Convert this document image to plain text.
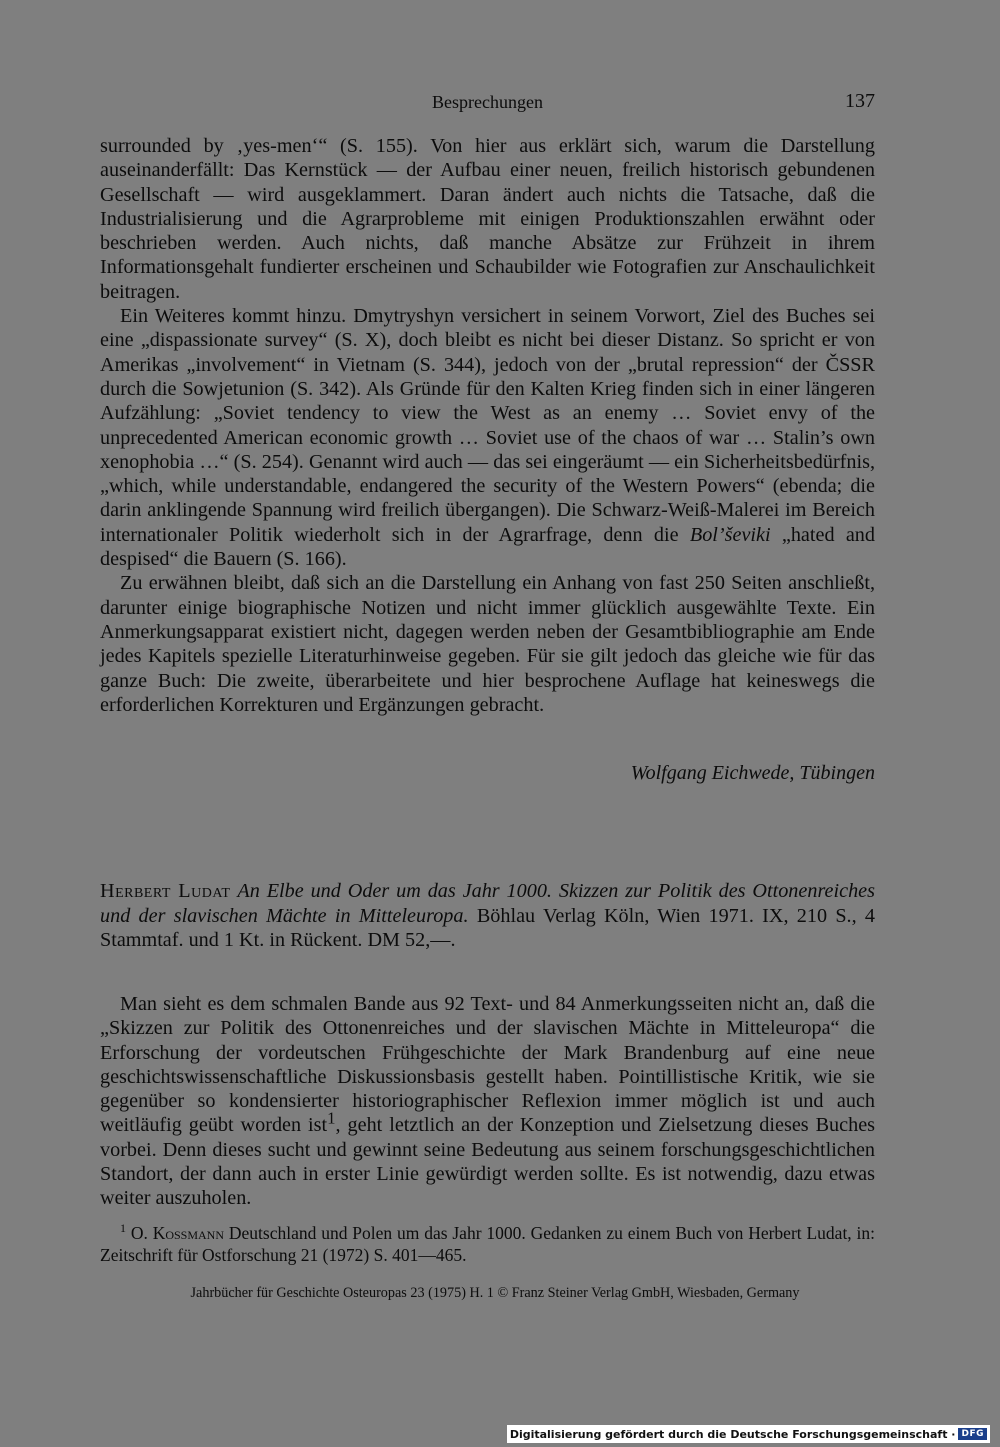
Besprechungen	137

surrounded by ‚yes-men‘“ (S. 155). Von hier aus erklärt sich, warum die Darstellung auseinanderfällt: Das Kernstück — der Aufbau einer neuen, freilich historisch gebundenen Gesellschaft — wird ausgeklammert. Daran ändert auch nichts die Tatsache, daß die Industrialisierung und die Agrarprobleme mit einigen Produktionszahlen erwähnt oder beschrieben werden. Auch nichts, daß manche Absätze zur Frühzeit in ihrem Informationsgehalt fundierter erscheinen und Schaubilder wie Fotografien zur Anschaulichkeit beitragen.

Ein Weiteres kommt hinzu. Dmytryshyn versichert in seinem Vorwort, Ziel des Buches sei eine „dispassionate survey“ (S. X), doch bleibt es nicht bei dieser Distanz. So spricht er von Amerikas „involvement“ in Vietnam (S. 344), jedoch von der „brutal repression“ der ČSSR durch die Sowjetunion (S. 342). Als Gründe für den Kalten Krieg finden sich in einer längeren Aufzählung: „Soviet tendency to view the West as an enemy … Soviet envy of the unprecedented American economic growth … Soviet use of the chaos of war … Stalin’s own xenophobia …“ (S. 254). Genannt wird auch — das sei eingeräumt — ein Sicherheitsbedürfnis, „which, while understandable, endangered the security of the Western Powers“ (ebenda; die darin anklingende Spannung wird freilich übergangen). Die Schwarz-Weiß-Malerei im Bereich internationaler Politik wiederholt sich in der Agrarfrage, denn die Bol’ševiki „hated and despised“ die Bauern (S. 166).

Zu erwähnen bleibt, daß sich an die Darstellung ein Anhang von fast 250 Seiten anschließt, darunter einige biographische Notizen und nicht immer glücklich ausgewählte Texte. Ein Anmerkungsapparat existiert nicht, dagegen werden neben der Gesamtbibliographie am Ende jedes Kapitels spezielle Literaturhinweise gegeben. Für sie gilt jedoch das gleiche wie für das ganze Buch: Die zweite, überarbeitete und hier besprochene Auflage hat keineswegs die erforderlichen Korrekturen und Ergänzungen gebracht.

Wolfgang Eichwede, Tübingen
Herbert Ludat An Elbe und Oder um das Jahr 1000. Skizzen zur Politik des Ottonenreiches und der slavischen Mächte in Mitteleuropa. Böhlau Verlag Köln, Wien 1971. IX, 210 S., 4 Stammtaf. und 1 Kt. in Rückent. DM 52,—.

Man sieht es dem schmalen Bande aus 92 Text- und 84 Anmerkungsseiten nicht an, daß die „Skizzen zur Politik des Ottonenreiches und der slavischen Mächte in Mitteleuropa“ die Erforschung der vordeutschen Frühgeschichte der Mark Brandenburg auf eine neue geschichtswissenschaftliche Diskussionsbasis gestellt haben. Pointillistische Kritik, wie sie gegenüber so kondensierter historiographischer Reflexion immer möglich ist und auch weitläufig geübt worden ist$^1$, geht letztlich an der Konzeption und Zielsetzung dieses Buches vorbei. Denn dieses sucht und gewinnt seine Bedeutung aus seinem forschungsgeschichtlichen Standort, der dann auch in erster Linie gewürdigt werden sollte. Es ist notwendig, dazu etwas weiter auszuholen.

$^1$ O. Kossmann Deutschland und Polen um das Jahr 1000. Gedanken zu einem Buch von Herbert Ludat, in: Zeitschrift für Ostforschung 21 (1972) S. 401—465.
Jahrbücher für Geschichte Osteuropas 23 (1975) H. 1 © Franz Steiner Verlag GmbH, Wiesbaden, Germany
Digitalisierung gefördert durch die Deutsche Forschungsgemeinschaft · DFG
